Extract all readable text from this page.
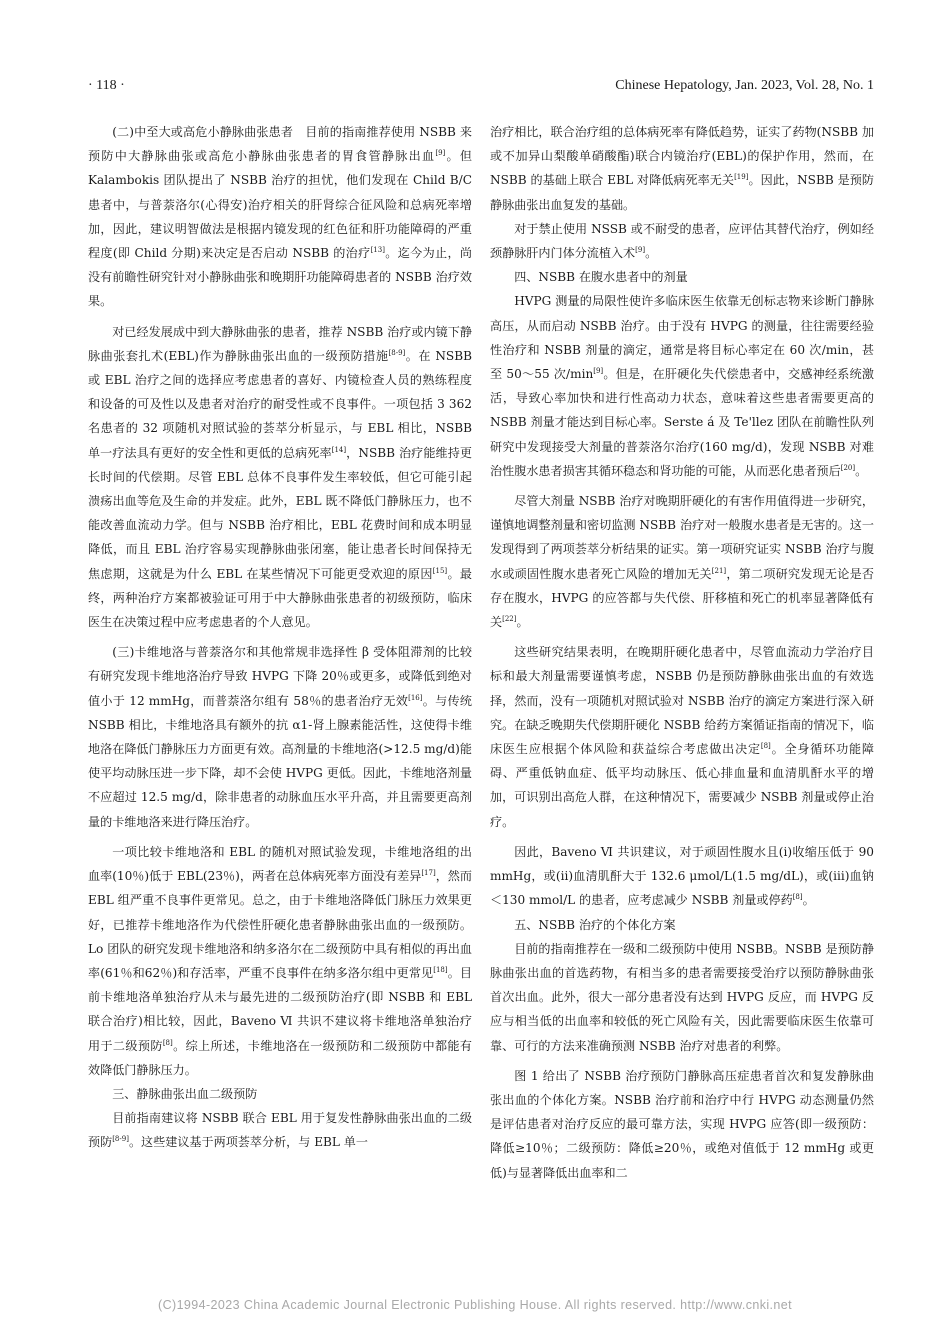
· 118 ·	Chinese Hepatology, Jan. 2023, Vol. 28, No. 1

(二)中至大或高危小静脉曲张患者　目前的指南推荐使用 NSBB 来预防中大静脉曲张或高危小静脉曲张患者的胃食管静脉出血[9]。但 Kalambokis 团队提出了 NSBB 治疗的担忧，他们发现在 Child B/C 患者中，与普萘洛尔(心得安)治疗相关的肝肾综合征风险和总病死率增加，因此，建议明智做法是根据内镜发现的红色征和肝功能障碍的严重程度(即 Child 分期)来决定是否启动 NSBB 的治疗[13]。迄今为止，尚没有前瞻性研究针对小静脉曲张和晚期肝功能障碍患者的 NSBB 治疗效果。

对已经发展成中到大静脉曲张的患者，推荐 NSBB 治疗或内镜下静脉曲张套扎术(EBL)作为静脉曲张出血的一级预防措施[8-9]。在 NSBB 或 EBL 治疗之间的选择应考虑患者的喜好、内镜检查人员的熟练程度和设备的可及性以及患者对治疗的耐受性或不良事件。一项包括 3 362 名患者的 32 项随机对照试验的荟萃分析显示，与 EBL 相比，NSBB 单一疗法具有更好的安全性和更低的总病死率[14]，NSBB 治疗能维持更长时间的代偿期。尽管 EBL 总体不良事件发生率较低，但它可能引起溃疡出血等危及生命的并发症。此外，EBL 既不降低门静脉压力，也不能改善血流动力学。但与 NSBB 治疗相比，EBL 花费时间和成本明显降低，而且 EBL 治疗容易实现静脉曲张闭塞，能让患者长时间保持无焦虑期，这就是为什么 EBL 在某些情况下可能更受欢迎的原因[15]。最终，两种治疗方案都被验证可用于中大静脉曲张患者的初级预防，临床医生在决策过程中应考虑患者的个人意见。

(三)卡维地洛与普萘洛尔和其他常规非选择性 β 受体阻滞剂的比较　有研究发现卡维地洛治疗导致 HVPG 下降 20％或更多，或降低到绝对值小于 12 mmHg，而普萘洛尔组有 58％的患者治疗无效[16]。与传统 NSBB 相比，卡维地洛具有额外的抗 α1-肾上腺素能活性，这使得卡维地洛在降低门静脉压力方面更有效。高剂量的卡维地洛(>12.5 mg/d)能使平均动脉压进一步下降，却不会使 HVPG 更低。因此，卡维地洛剂量不应超过 12.5 mg/d，除非患者的动脉血压水平升高，并且需要更高剂量的卡维地洛来进行降压治疗。

一项比较卡维地洛和 EBL 的随机对照试验发现，卡维地洛组的出血率(10％)低于 EBL(23％)，两者在总体病死率方面没有差异[17]，然而 EBL 组严重不良事件更常见。总之，由于卡维地洛降低门脉压力效果更好，已推荐卡维地洛作为代偿性肝硬化患者静脉曲张出血的一级预防。Lo 团队的研究发现卡维地洛和纳多洛尔在二级预防中具有相似的再出血率(61％和62％)和存活率，严重不良事件在纳多洛尔组中更常见[18]。目前卡维地洛单独治疗从未与最先进的二级预防治疗(即 NSBB 和 EBL 联合治疗)相比较，因此，Baveno Ⅵ 共识不建议将卡维地洛单独治疗用于二级预防[8]。综上所述，卡维地洛在一级预防和二级预防中都能有效降低门静脉压力。

三、静脉曲张出血二级预防

目前指南建议将 NSBB 联合 EBL 用于复发性静脉曲张出血的二级预防[8-9]。这些建议基于两项荟萃分析，与 EBL 单一

治疗相比，联合治疗组的总体病死率有降低趋势，证实了药物(NSBB 加或不加异山梨酸单硝酸酯)联合内镜治疗(EBL)的保护作用，然而，在 NSBB 的基础上联合 EBL 对降低病死率无关[19]。因此，NSBB 是预防静脉曲张出血复发的基础。

对于禁止使用 NSSB 或不耐受的患者，应评估其替代治疗，例如经颈静脉肝内门体分流植入术[9]。

四、NSBB 在腹水患者中的剂量

HVPG 测量的局限性使许多临床医生依靠无创标志物来诊断门静脉高压，从而启动 NSBB 治疗。由于没有 HVPG 的测量，往往需要经验性治疗和 NSBB 剂量的滴定，通常是将目标心率定在 60 次/min，甚至 50～55 次/min[9]。但是，在肝硬化失代偿患者中，交感神经系统激活，导致心率加快和进行性高动力状态，意味着这些患者需要更高的 NSBB 剂量才能达到目标心率。Serste á 及 Te'llez 团队在前瞻性队列研究中发现接受大剂量的普萘洛尔治疗(160 mg/d)，发现 NSBB 对难治性腹水患者损害其循环稳态和肾功能的可能，从而恶化患者预后[20]。

尽管大剂量 NSBB 治疗对晚期肝硬化的有害作用值得进一步研究，谨慎地调整剂量和密切监测 NSBB 治疗对一般腹水患者是无害的。这一发现得到了两项荟萃分析结果的证实。第一项研究证实 NSBB 治疗与腹水或顽固性腹水患者死亡风险的增加无关[21]，第二项研究发现无论是否存在腹水，HVPG 的应答都与失代偿、肝移植和死亡的机率显著降低有关[22]。

这些研究结果表明，在晚期肝硬化患者中，尽管血流动力学治疗目标和最大剂量需要谨慎考虑，NSBB 仍是预防静脉曲张出血的有效选择，然而，没有一项随机对照试验对 NSBB 治疗的滴定方案进行深入研究。在缺乏晚期失代偿期肝硬化 NSBB 给药方案循证指南的情况下，临床医生应根据个体风险和获益综合考虑做出决定[8]。全身循环功能障碍、严重低钠血症、低平均动脉压、低心排血量和血清肌酐水平的增加，可识别出高危人群，在这种情况下，需要减少 NSBB 剂量或停止治疗。

因此，Baveno Ⅵ 共识建议，对于顽固性腹水且(i)收缩压低于 90 mmHg，或(ii)血清肌酐大于 132.6 μmol/L(1.5 mg/dL)，或(iii)血钠＜130 mmol/L 的患者，应考虑减少 NSBB 剂量或停药[8]。

五、NSBB 治疗的个体化方案

目前的指南推荐在一级和二级预防中使用 NSBB。NSBB 是预防静脉曲张出血的首选药物，有相当多的患者需要接受治疗以预防静脉曲张首次出血。此外，很大一部分患者没有达到 HVPG 反应，而 HVPG 反应与相当低的出血率和较低的死亡风险有关，因此需要临床医生依靠可靠、可行的方法来准确预测 NSBB 治疗对患者的利弊。

图 1 给出了 NSBB 治疗预防门静脉高压症患者首次和复发静脉曲张出血的个体化方案。NSBB 治疗前和治疗中行 HVPG 动态测量仍然是评估患者对治疗反应的最可靠方法，实现 HVPG 应答(即一级预防：降低≥10％；二级预防：降低≥20％，或绝对值低于 12 mmHg 或更低)与显著降低出血率和二

(C)1994-2023 China Academic Journal Electronic Publishing House. All rights reserved. http://www.cnki.net
